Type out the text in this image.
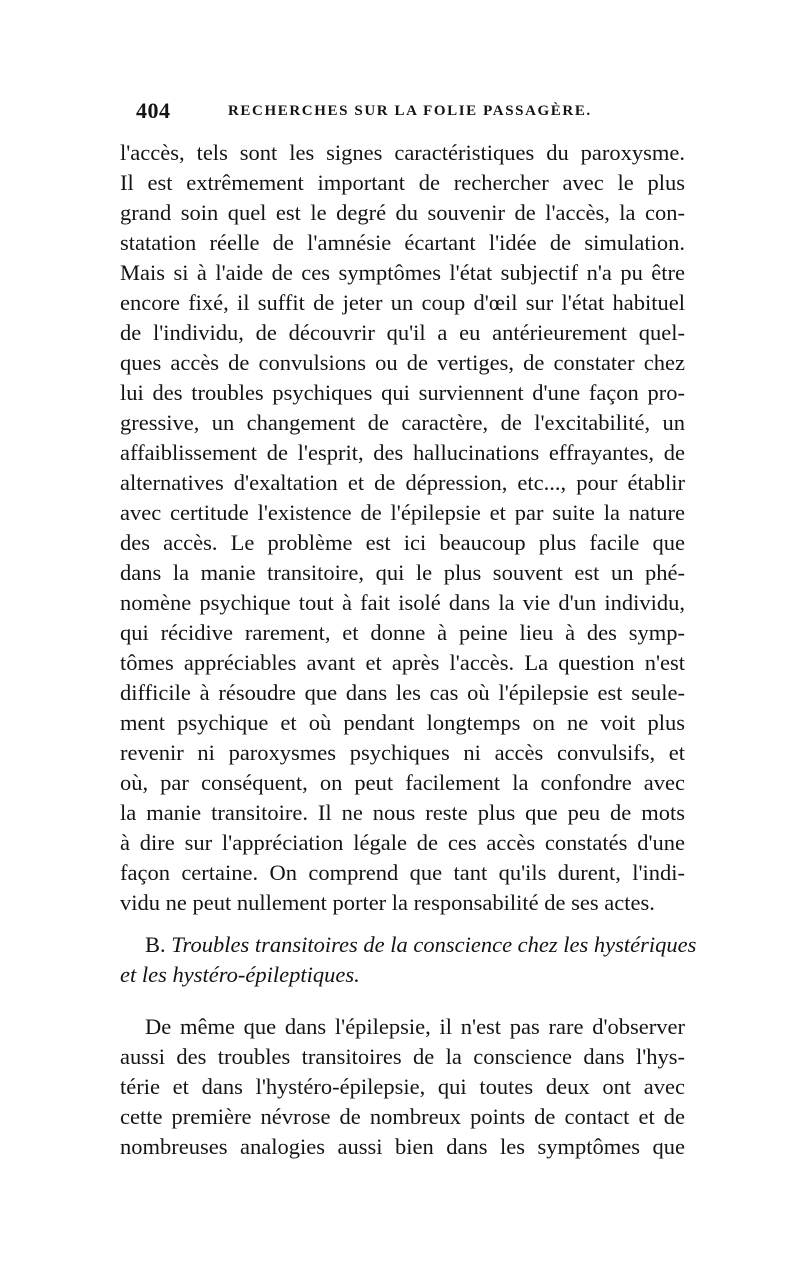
404	RECHERCHES SUR LA FOLIE PASSAGÈRE.
l'accès, tels sont les signes caractéristiques du paroxysme.
Il est extrêmement important de rechercher avec le plus
grand soin quel est le degré du souvenir de l'accès, la con-
statation réelle de l'amnésie écartant l'idée de simulation.
Mais si à l'aide de ces symptômes l'état subjectif n'a pu être
encore fixé, il suffit de jeter un coup d'œil sur l'état habituel
de l'individu, de découvrir qu'il a eu antérieurement quel-
ques accès de convulsions ou de vertiges, de constater chez
lui des troubles psychiques qui surviennent d'une façon pro-
gressive, un changement de caractère, de l'excitabilité, un
affaiblissement de l'esprit, des hallucinations effrayantes, de
alternatives d'exaltation et de dépression, etc..., pour établir
avec certitude l'existence de l'épilepsie et par suite la nature
des accès. Le problème est ici beaucoup plus facile que
dans la manie transitoire, qui le plus souvent est un phé-
nomène psychique tout à fait isolé dans la vie d'un individu,
qui récidive rarement, et donne à peine lieu à des symp-
tômes appréciables avant et après l'accès. La question n'est
difficile à résoudre que dans les cas où l'épilepsie est seule-
ment psychique et où pendant longtemps on ne voit plus
revenir ni paroxysmes psychiques ni accès convulsifs, et
où, par conséquent, on peut facilement la confondre avec
la manie transitoire. Il ne nous reste plus que peu de mots
à dire sur l'appréciation légale de ces accès constatés d'une
façon certaine. On comprend que tant qu'ils durent, l'indi-
vidu ne peut nullement porter la responsabilité de ses actes.
B. Troubles transitoires de la conscience chez les hystériques
et les hystéro-épileptiques.
De même que dans l'épilepsie, il n'est pas rare d'observer
aussi des troubles transitoires de la conscience dans l'hys-
térie et dans l'hystéro-épilepsie, qui toutes deux ont avec
cette première névrose de nombreux points de contact et de
nombreuses analogies aussi bien dans les symptômes que
